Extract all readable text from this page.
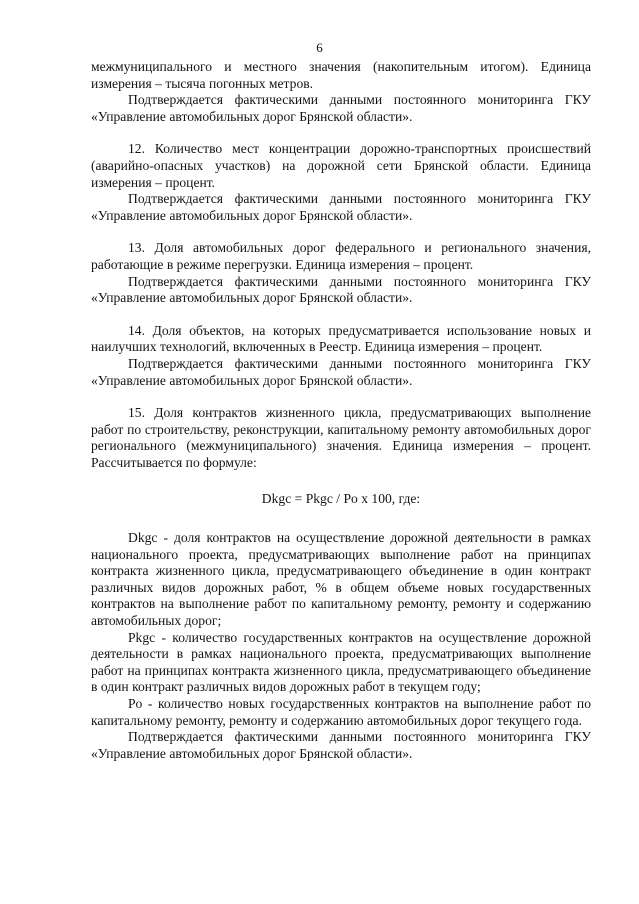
6

межмуниципального и местного значения (накопительным итогом). Единица измерения – тысяча погонных метров.

Подтверждается фактическими данными постоянного мониторинга ГКУ «Управление автомобильных дорог Брянской области».

12. Количество мест концентрации дорожно-транспортных происшествий (аварийно-опасных участков) на дорожной сети Брянской области. Единица измерения – процент.

Подтверждается фактическими данными постоянного мониторинга ГКУ «Управление автомобильных дорог Брянской области».

13. Доля автомобильных дорог федерального и регионального значения, работающие в режиме перегрузки. Единица измерения – процент.

Подтверждается фактическими данными постоянного мониторинга ГКУ «Управление автомобильных дорог Брянской области».

14. Доля объектов, на которых предусматривается использование новых и наилучших технологий, включенных в Реестр. Единица измерения – процент.

Подтверждается фактическими данными постоянного мониторинга ГКУ «Управление автомобильных дорог Брянской области».

15. Доля контрактов жизненного цикла, предусматривающих выполнение работ по строительству, реконструкции, капитальному ремонту автомобильных дорог регионального (межмуниципального) значения. Единица измерения – процент. Рассчитывается по формуле:

Dkgc = Pkgc / Po x 100, где:

Dkgc - доля контрактов на осуществление дорожной деятельности в рамках национального проекта, предусматривающих выполнение работ на принципах контракта жизненного цикла, предусматривающего объединение в один контракт различных видов дорожных работ, % в общем объеме новых государственных контрактов на выполнение работ по капитальному ремонту, ремонту и содержанию автомобильных дорог;

Pkgc - количество государственных контрактов на осуществление дорожной деятельности в рамках национального проекта, предусматривающих выполнение работ на принципах контракта жизненного цикла, предусматривающего объединение в один контракт различных видов дорожных работ в текущем году;

Po - количество новых государственных контрактов на выполнение работ по капитальному ремонту, ремонту и содержанию автомобильных дорог текущего года.

Подтверждается фактическими данными постоянного мониторинга ГКУ «Управление автомобильных дорог Брянской области».
